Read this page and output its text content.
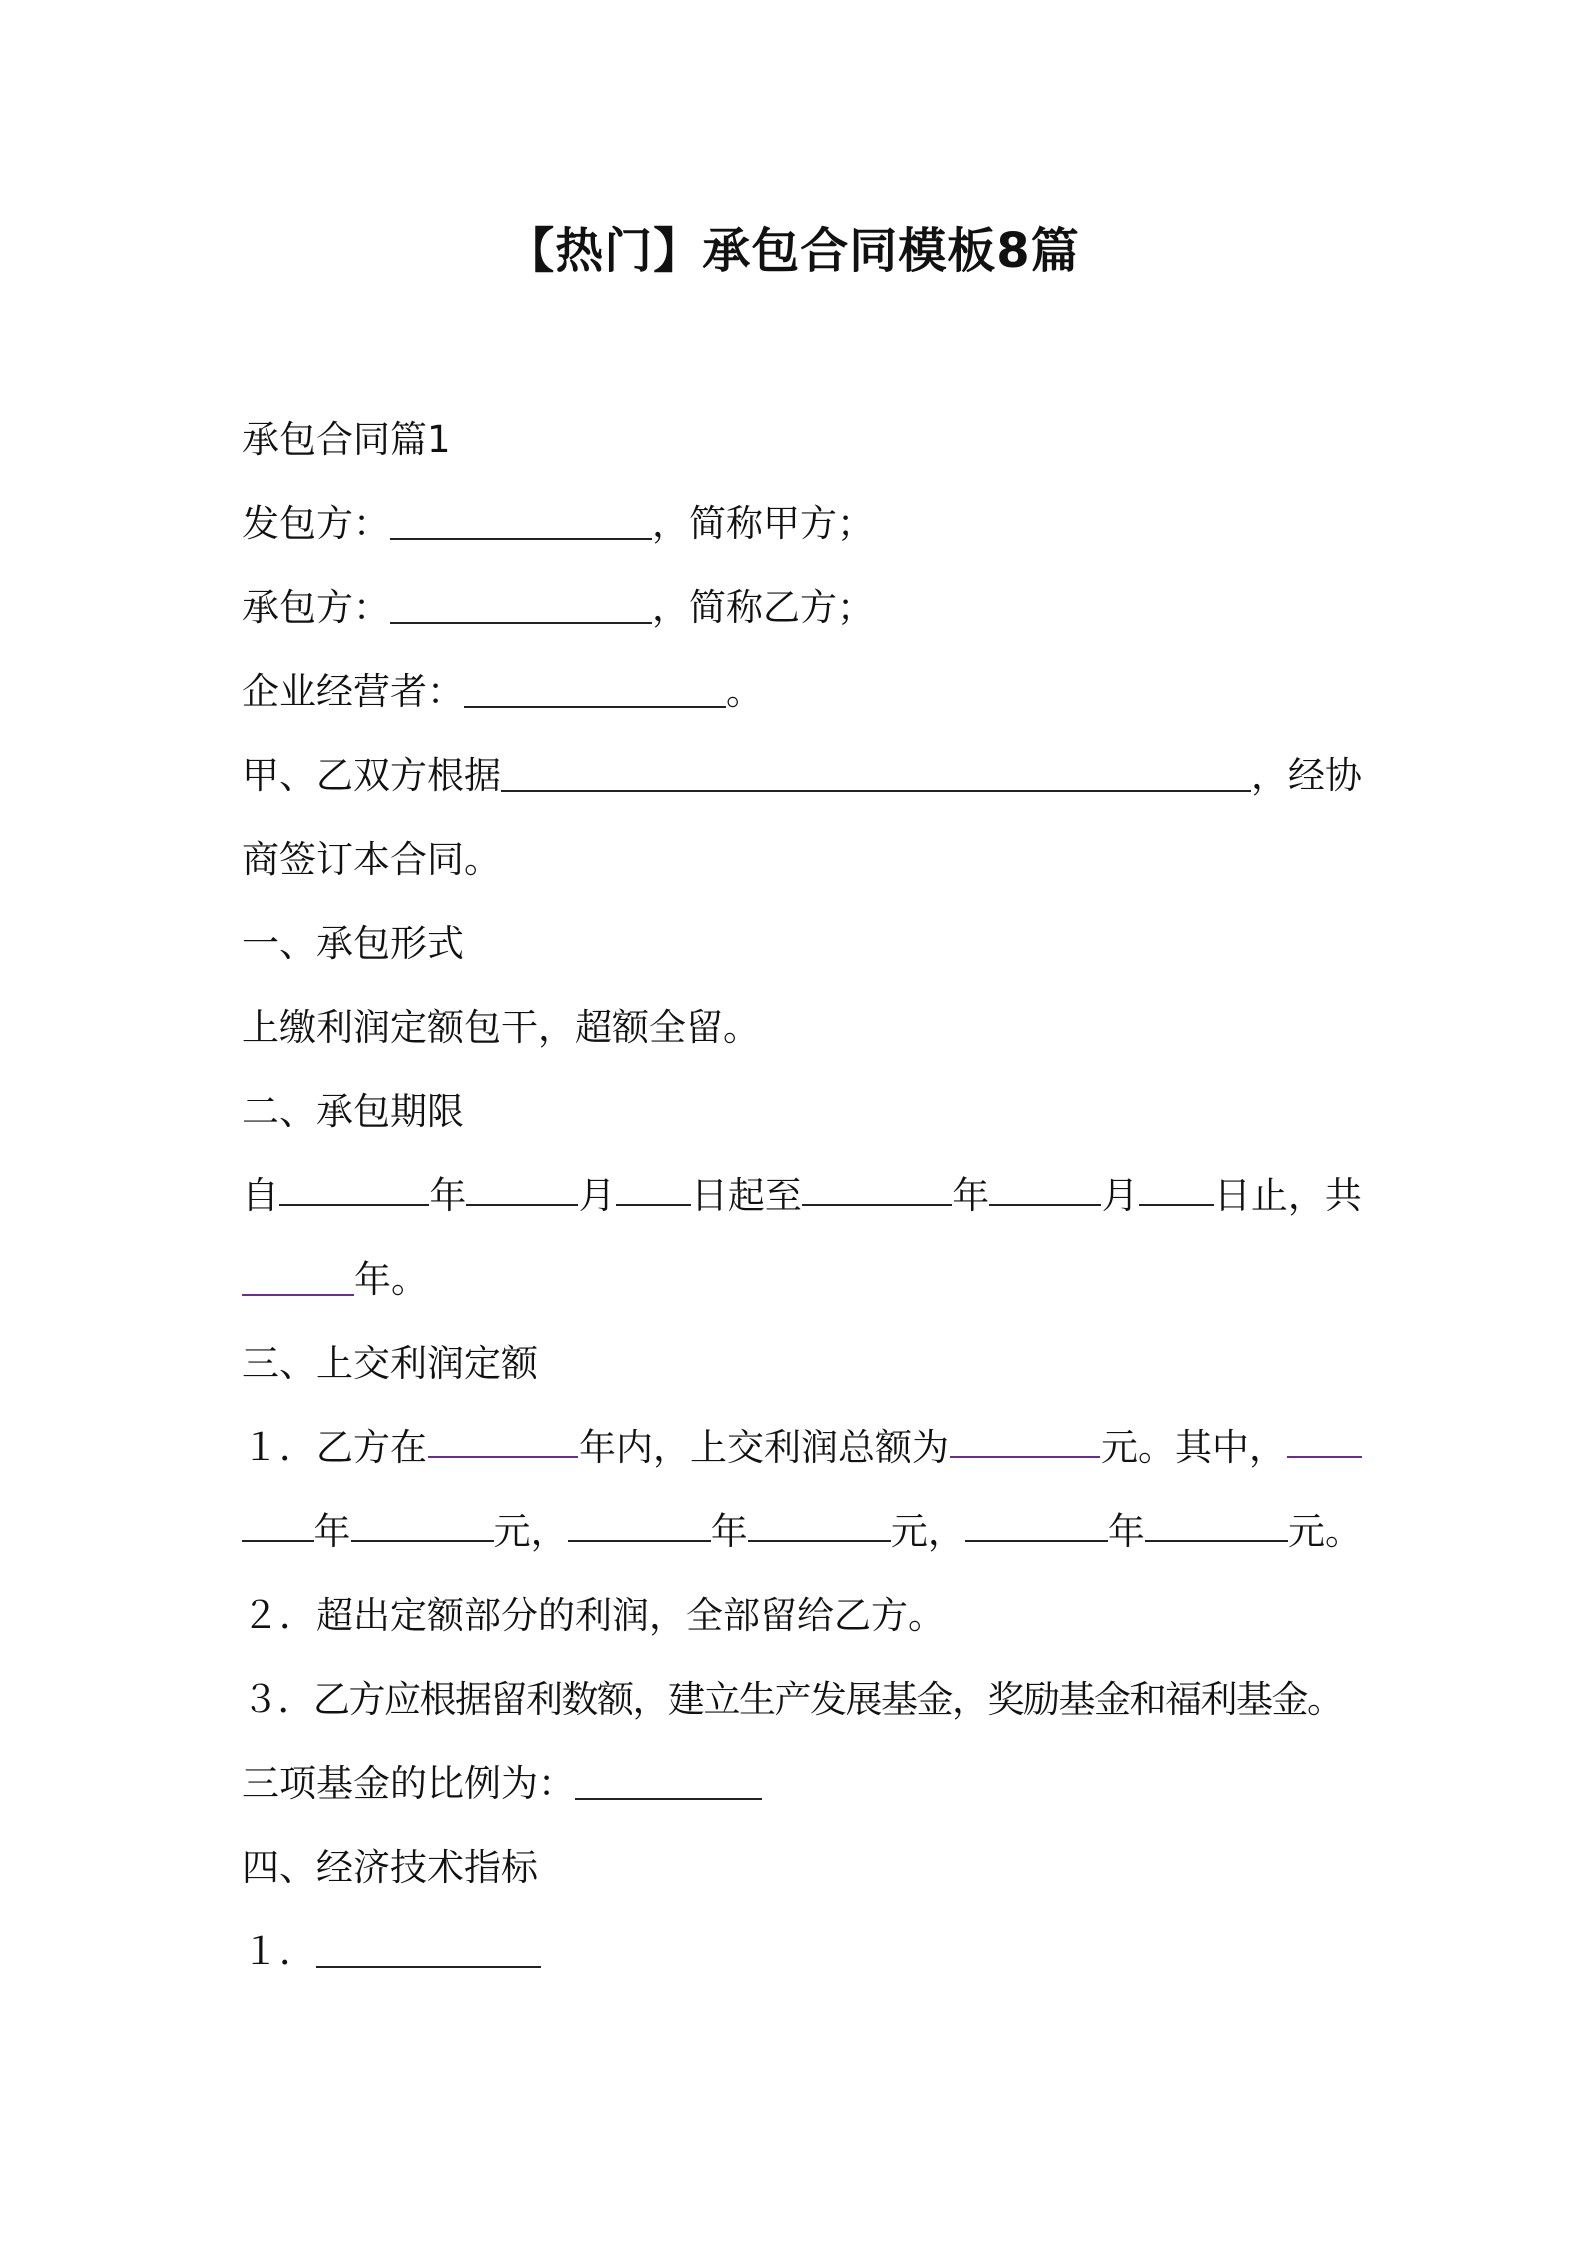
【热门】承包合同模板8篇
承包合同篇1
发包方：	，简称甲方；
承包方：	，简称乙方；
企业经营者：	。
甲、乙双方根据	，经协
商签订本合同。
一、承包形式
上缴利润定额包干，超额全留。
二、承包期限
自	年	月 日起至	年	月 日止，共
年。
三、上交利润定额
１．乙方在	年内，上交利润总额为	元。其中，
年	元，	年	元，	年	元。
２．超出定额部分的利润，全部留给乙方。
３．乙方应根据留利数额，建立生产发展基金，奖励基金和福利基金。
三项基金的比例为：
四、经济技术指标
１．
